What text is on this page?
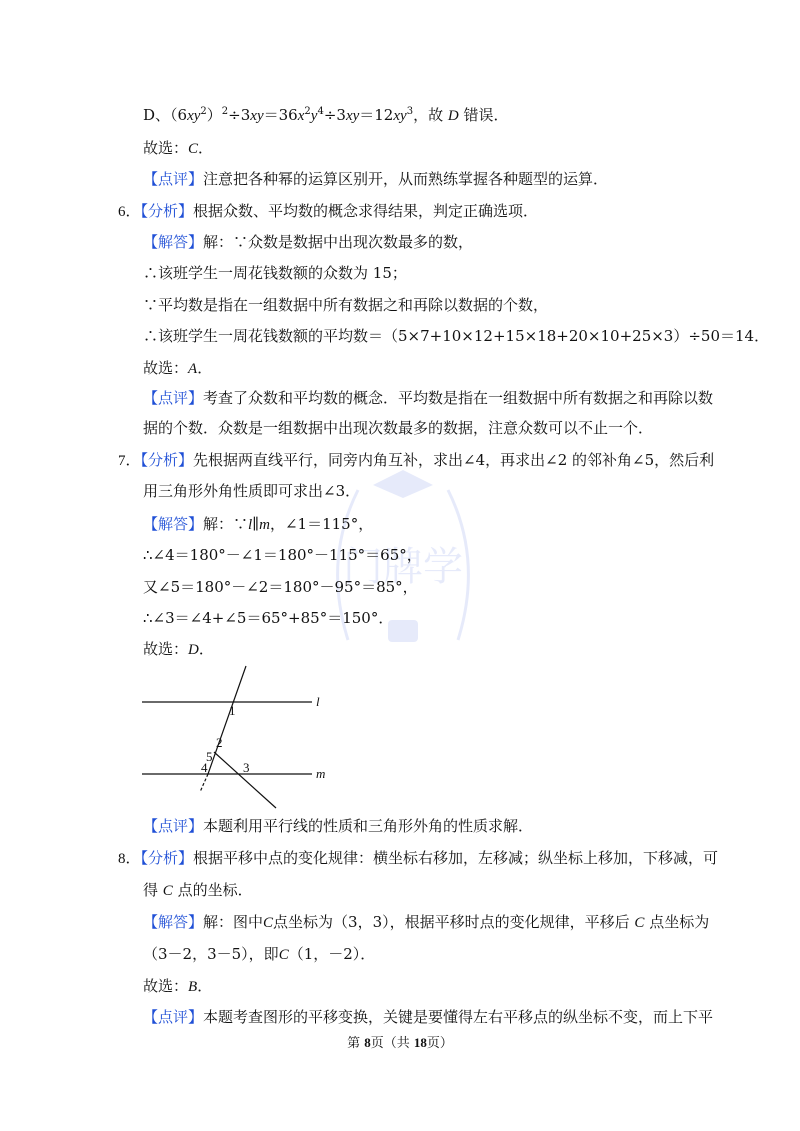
门牌学
D、$(6xy^2)^2\div 3xy=36x^2y^4\div 3xy=12xy^3$，故 D 错误．
故选：C．
【点评】注意把各种幂的运算区别开，从而熟练掌握各种题型的运算．
6．【分析】根据众数、平均数的概念求得结果，判定正确选项．
【解答】解：∵众数是数据中出现次数最多的数，
∴该班学生一周花钱数额的众数为 15；
∵平均数是指在一组数据中所有数据之和再除以数据的个数，
∴该班学生一周花钱数额的平均数＝（5×7+10×12+15×18+20×10+25×3）÷50＝14．
故选：A．
【点评】考查了众数和平均数的概念．平均数是指在一组数据中所有数据之和再除以数
据的个数．众数是一组数据中出现次数最多的数据，注意众数可以不止一个．
7．【分析】先根据两直线平行，同旁内角互补，求出∠4，再求出∠2 的邻补角∠5，然后利
用三角形外角性质即可求出∠3．
【解答】解：∵l∥m，∠1＝115°，
∴∠4＝180°－∠1＝180°－115°＝65°，
又∠5＝180°－∠2＝180°－95°＝85°，
∴∠3＝∠4+∠5＝65°+85°＝150°．
故选：D．
l
m
1
2
5
4	3
【点评】本题利用平行线的性质和三角形外角的性质求解．
8．【分析】根据平移中点的变化规律：横坐标右移加，左移减；纵坐标上移加，下移减，可
得 C 点的坐标．
【解答】解：图中C点坐标为（3，3），根据平移时点的变化规律，平移后 C 点坐标为
（3－2，3－5），即C（1，－2）．
故选：B．
【点评】本题考查图形的平移变换，关键是要懂得左右平移点的纵坐标不变，而上下平
第 8页（共 18页）
